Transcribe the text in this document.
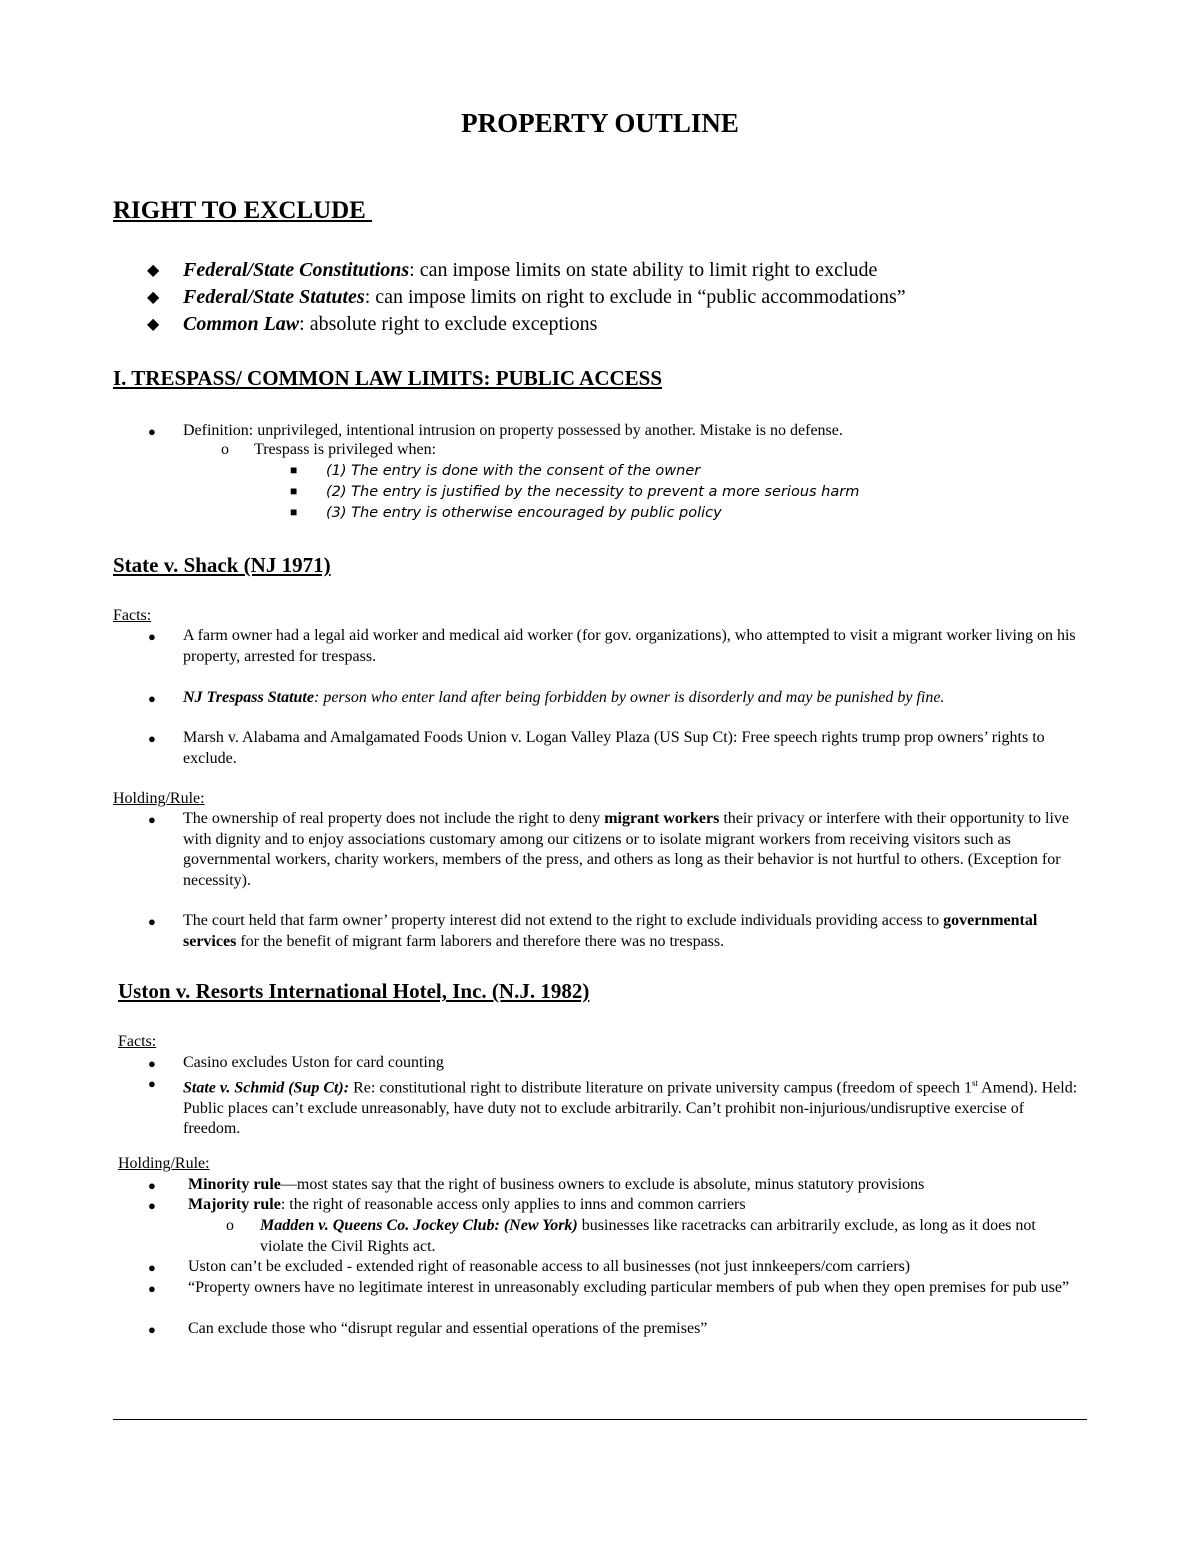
PROPERTY OUTLINE
RIGHT TO EXCLUDE
◆ Federal/State Constitutions: can impose limits on state ability to limit right to exclude
◆ Federal/State Statutes: can impose limits on right to exclude in “public accommodations”
◆ Common Law: absolute right to exclude exceptions
I. TRESPASS/ COMMON LAW LIMITS: PUBLIC ACCESS
● Definition: unprivileged, intentional intrusion on property possessed by another. Mistake is no defense.
o Trespass is privileged when:
■ (1) The entry is done with the consent of the owner
■ (2) The entry is justified by the necessity to prevent a more serious harm
■ (3) The entry is otherwise encouraged by public policy
State v. Shack (NJ 1971)
Facts:
● A farm owner had a legal aid worker and medical aid worker (for gov. organizations), who attempted to visit a migrant worker living on his property, arrested for trespass.
● NJ Trespass Statute: person who enter land after being forbidden by owner is disorderly and may be punished by fine.
● Marsh v. Alabama and Amalgamated Foods Union v. Logan Valley Plaza (US Sup Ct): Free speech rights trump prop owners’ rights to exclude.
Holding/Rule:
● The ownership of real property does not include the right to deny migrant workers their privacy or interfere with their opportunity to live with dignity and to enjoy associations customary among our citizens or to isolate migrant workers from receiving visitors such as governmental workers, charity workers, members of the press, and others as long as their behavior is not hurtful to others. (Exception for necessity).
● The court held that farm owner’ property interest did not extend to the right to exclude individuals providing access to governmental services for the benefit of migrant farm laborers and therefore there was no trespass.
Uston v. Resorts International Hotel, Inc. (N.J. 1982)
Facts:
● Casino excludes Uston for card counting
● State v. Schmid (Sup Ct): Re: constitutional right to distribute literature on private university campus (freedom of speech 1st Amend). Held: Public places can’t exclude unreasonably, have duty not to exclude arbitrarily. Can’t prohibit non-injurious/undisruptive exercise of freedom.
Holding/Rule:
● Minority rule—most states say that the right of business owners to exclude is absolute, minus statutory provisions
● Majority rule: the right of reasonable access only applies to inns and common carriers
o Madden v. Queens Co. Jockey Club: (New York) businesses like racetracks can arbitrarily exclude, as long as it does not violate the Civil Rights act.
● Uston can’t be excluded - extended right of reasonable access to all businesses (not just innkeepers/com carriers)
● “Property owners have no legitimate interest in unreasonably excluding particular members of pub when they open premises for pub use”
● Can exclude those who “disrupt regular and essential operations of the premises”
